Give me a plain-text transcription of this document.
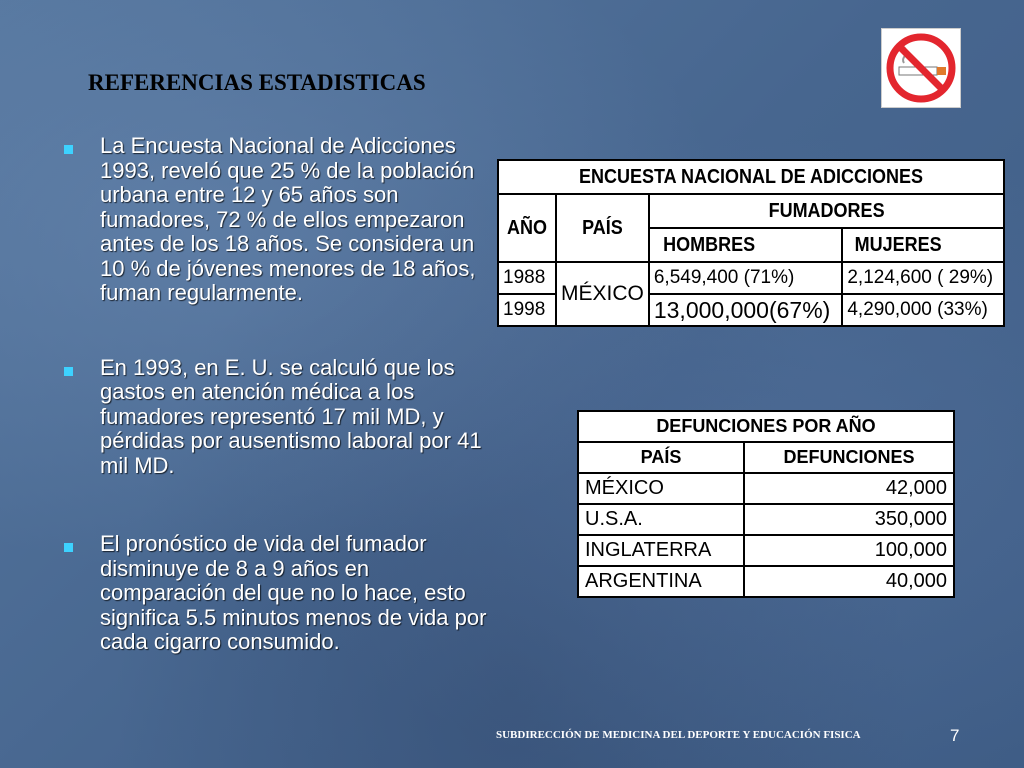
REFERENCIAS ESTADISTICAS
La Encuesta Nacional de Adicciones 1993, reveló que 25 % de la población urbana entre 12 y 65 años son fumadores, 72 % de ellos empezaron antes de los 18 años. Se considera un 10 % de jóvenes menores de 18 años, fuman regularmente.
En 1993, en E. U. se calculó que los gastos en atención médica a los fumadores representó 17 mil MD, y pérdidas por ausentismo laboral por 41 mil MD.
El pronóstico de vida del fumador disminuye de 8 a 9 años en comparación del que no lo hace, esto significa 5.5 minutos menos de vida por cada cigarro consumido.
ENCUESTA NACIONAL DE ADICCIONES			
AÑO	PAÍS	FUMADORES	
		HOMBRES	MUJERES
1988	MÉXICO	6,549,400 (71%)	2,124,600 ( 29%)
1998		13,000,000(67%)	4,290,000 (33%)
DEFUNCIONES POR AÑO	
PAÍS	DEFUNCIONES
MÉXICO	42,000
U.S.A.	350,000
INGLATERRA	100,000
ARGENTINA	40,000
SUBDIRECCIÓN DE MEDICINA DEL DEPORTE Y EDUCACIÓN FISICA	7
